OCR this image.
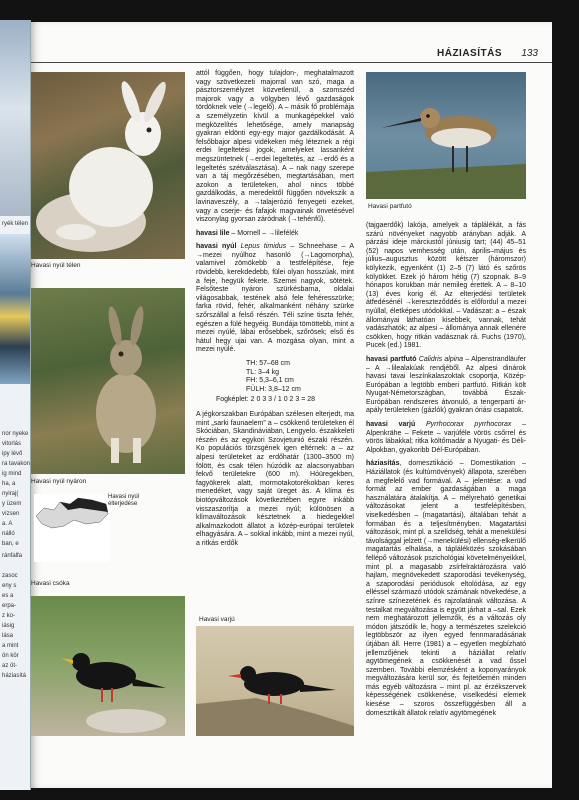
ryék télen
nor nyeke
vitorlás
ipy lévő
ra tavakon
ig mind
ha, a
nyiraj(
y üzem
vízsen
a. A
nálló
ban, e
ránfalfa
zasoc
eny s
es a
erpa-
z ko-
iásig
lása
a mint
ön kör
az öt-
háziasítá
HÁZIASÍTÁS 133
Havasi nyúl télen
Havasi nyúl nyáron
Havasi nyúl elterjedése
Havasi csóka
Havasi varjú
Havasi partfutó

attól függően, hogy tulajdon-, meghatalmazott vagy szövetkezeti majorral van szó, maga a pásztorszemélyzet közvetlenül, a szomszéd majorok vagy a völgyben lévő gazdaságok tördöknek vele (→legelő). A – másik fő problémája a személyzetin kívül a munkagépekkel való megközelítés lehetősége, amely manapság gyakran eldönti egy-egy major gazdálkodását. A felsőbbajor alpesi vidékeken még léteznek a régi erdei legeltetési jogok, amelyeket lassanként megszüntetnek (→erdei legeltetés, az →erdő és a legeltetés szétválasztása). A – nak nagy szerepe van a táj megőrzésében, megtartásában, mert azokon a területeken, ahol nincs többé gazdálkodás, a meredektől függően növekszik a lavinaveszély, a →talajerózió fenyegeti ezeket, vagy a cserje- és fafajok magvainak önvetésével viszonylag gyorsan záródnak (→tehénfű).

havasi lile – Mornell – →lilefélék

havasi nyúl Lepus timidus – Schneehase – A →mezei nyúlhoz hasonló (→Lagomorpha), valamivel zömökebb a testfelépítése, feje rövidebb, kerekdedebb, fülei olyan hosszúak, mint a feje, hegyük fekete. Szemei nagyok, sötétek. Felsőteste nyáron szürkésbarna, oldalai világosabbak, testének alsó fele fehéresszürke; farka rövid, fehér, alkalmanként néhány szürke szőrszállal a felső részén. Téli színe tiszta fehér, egészen a fülé hegyéig. Bundája tömöttebb, mint a mezei nyúlé, lábai erősebbek, szőrösek; első és hátul hegy ujai van. A mozgása olyan, mint a mezei nyúlé.

TH: 57–68 cm
TL: 3–4 kg
FH: 5,3–6,1 cm
FÜLH: 3,8–12 cm
Fogképlet: 2 0 3 3 / 1 0 2 3 = 28

A jégkorszakban Európában szélesen elterjedt, ma mint „sarki faunaelem” a – csökkenő területeken él Skóciában, Skandináviában, Lengyelo. északkeleti részén és az egykori Szovjetunió északi részén. Ko populációs törzsgének igen eltérnek: a – az alpesi területeket az erdőhatár (1300–3500 m) fölött, és csak télen húzódik az alacsonyabban fekvő területekre (600 m). Hóüregekben, fagyökerek alatt, mormotakotorékokban keres menedéket, vagy saját üreget ás. A klíma és biotópváltozások következtében egyre inkább visszaszorítja a mezei nyúl; különösen a klímaváltozások késztetnek a hiedegekkel alkalmazkodott állatot a közép-európai területek elhagyására. A – sokkal inkább, mint a mezei nyúl, a ritkás erdők

(tajgaerdők) lakója, amelyek a táplálékát, a fás szárú növényeket nagyobb arányban adják. A párzási ideje márciustól júniusig tart; (44) 45–51 (52) napos vemhesség után, április–május és július–augusztus között kétszer (háromszor) kölykezik, egyenként (1) 2–5 (7) látó és szőrös kölyökket. Ezek jó három hétig (7) szopnak. 8–9 hónapos korukban már nemileg érettek. A – 8–10 (13) éves korig él. Az elterjedési területek átfedésénél →kereszteződdés is előfordul a mezei nyúllal, életképes utódokkal. – Vadászat: a – észak állományai láthatóan kisebbek, vannak, tehát vadászhatók; az alpesi – állománya annak ellenére csökken, hogy ritkán vadásznak rá. Fuchs (1970), Pucek (ed.) 1981.

havasi partfutó Calidris alpina – Alpenstrandläufer – A →lilealakúak rendjéből. Az alpesi dinárok havasi tavai leszínkalaszoktak csoportja, Közép-Európában a legtöbb emberi partfutó. Ritkán költ Nyugat-Németországban, továbbá Észak-Európában rendszeres átvonuló, a tengerparti ár-apály területeken (gázlók) gyakran óriási csapatok.

havasi varjú Pyrrhocorax pyrrhocorax – Alpenkrähe – Fekete – varjúféle vörös csőrrel és vörös lábakkal; ritka költőmadár a Nyugati- és Déli-Alpokban, gyakoribb Dél-Európában.

háziasítás, domesztikáció – Domestikation – Háziállatok (és kultúrnövények) állapota, szerében a megfelelő vad formával. A – jelentése: a vad formát az ember gazdaságában a maga használatára átalakítja. A – mélyreható genetikai változásokat jelent a testfelépítésben, viselkedésben – (magatartási), általában tehát a formában és a teljesítményben. Magatartási változások, mint pl. a szelídség, tehát a menekülési távolsággal jelzett (→menekülési) ellenség-elkerülő magatartás elhalása, a tápláléközés szokásában fellépő változások pszichológiai követelményeikkel, mint pl. a magasabb zsírfelraktározásra való hajlam, megnövekedett szaporodási tevékenység, a szaporodási periódusok eltolódása, az egy elléssel származó utódok számának növekedése, a színre színezetének és rajzolatának változása. A testalkat megváltozása is együtt járhat a –sal. Ezek nem meghatározott jellemzők, és a változás oly módon játszódik le, hogy a természetes szelekció legtöbbször az ilyen egyed fennmaradásának útjában áll. Herre (1981) a – egyetlen megbízható jellemzőjének tekinti a háziállat relatív agytömegének a csökkenését a vad őssel szemben. További elemzésként a koponyarányok megváltozására kerül sor, és fejtetőemén minden más egyéb változásra – mint pl. az érzékszervek képességének csökkenése, viselkedési elemek kiesése – szoros összefüggésben áll a domesztikált állatok relatív agytömegének
